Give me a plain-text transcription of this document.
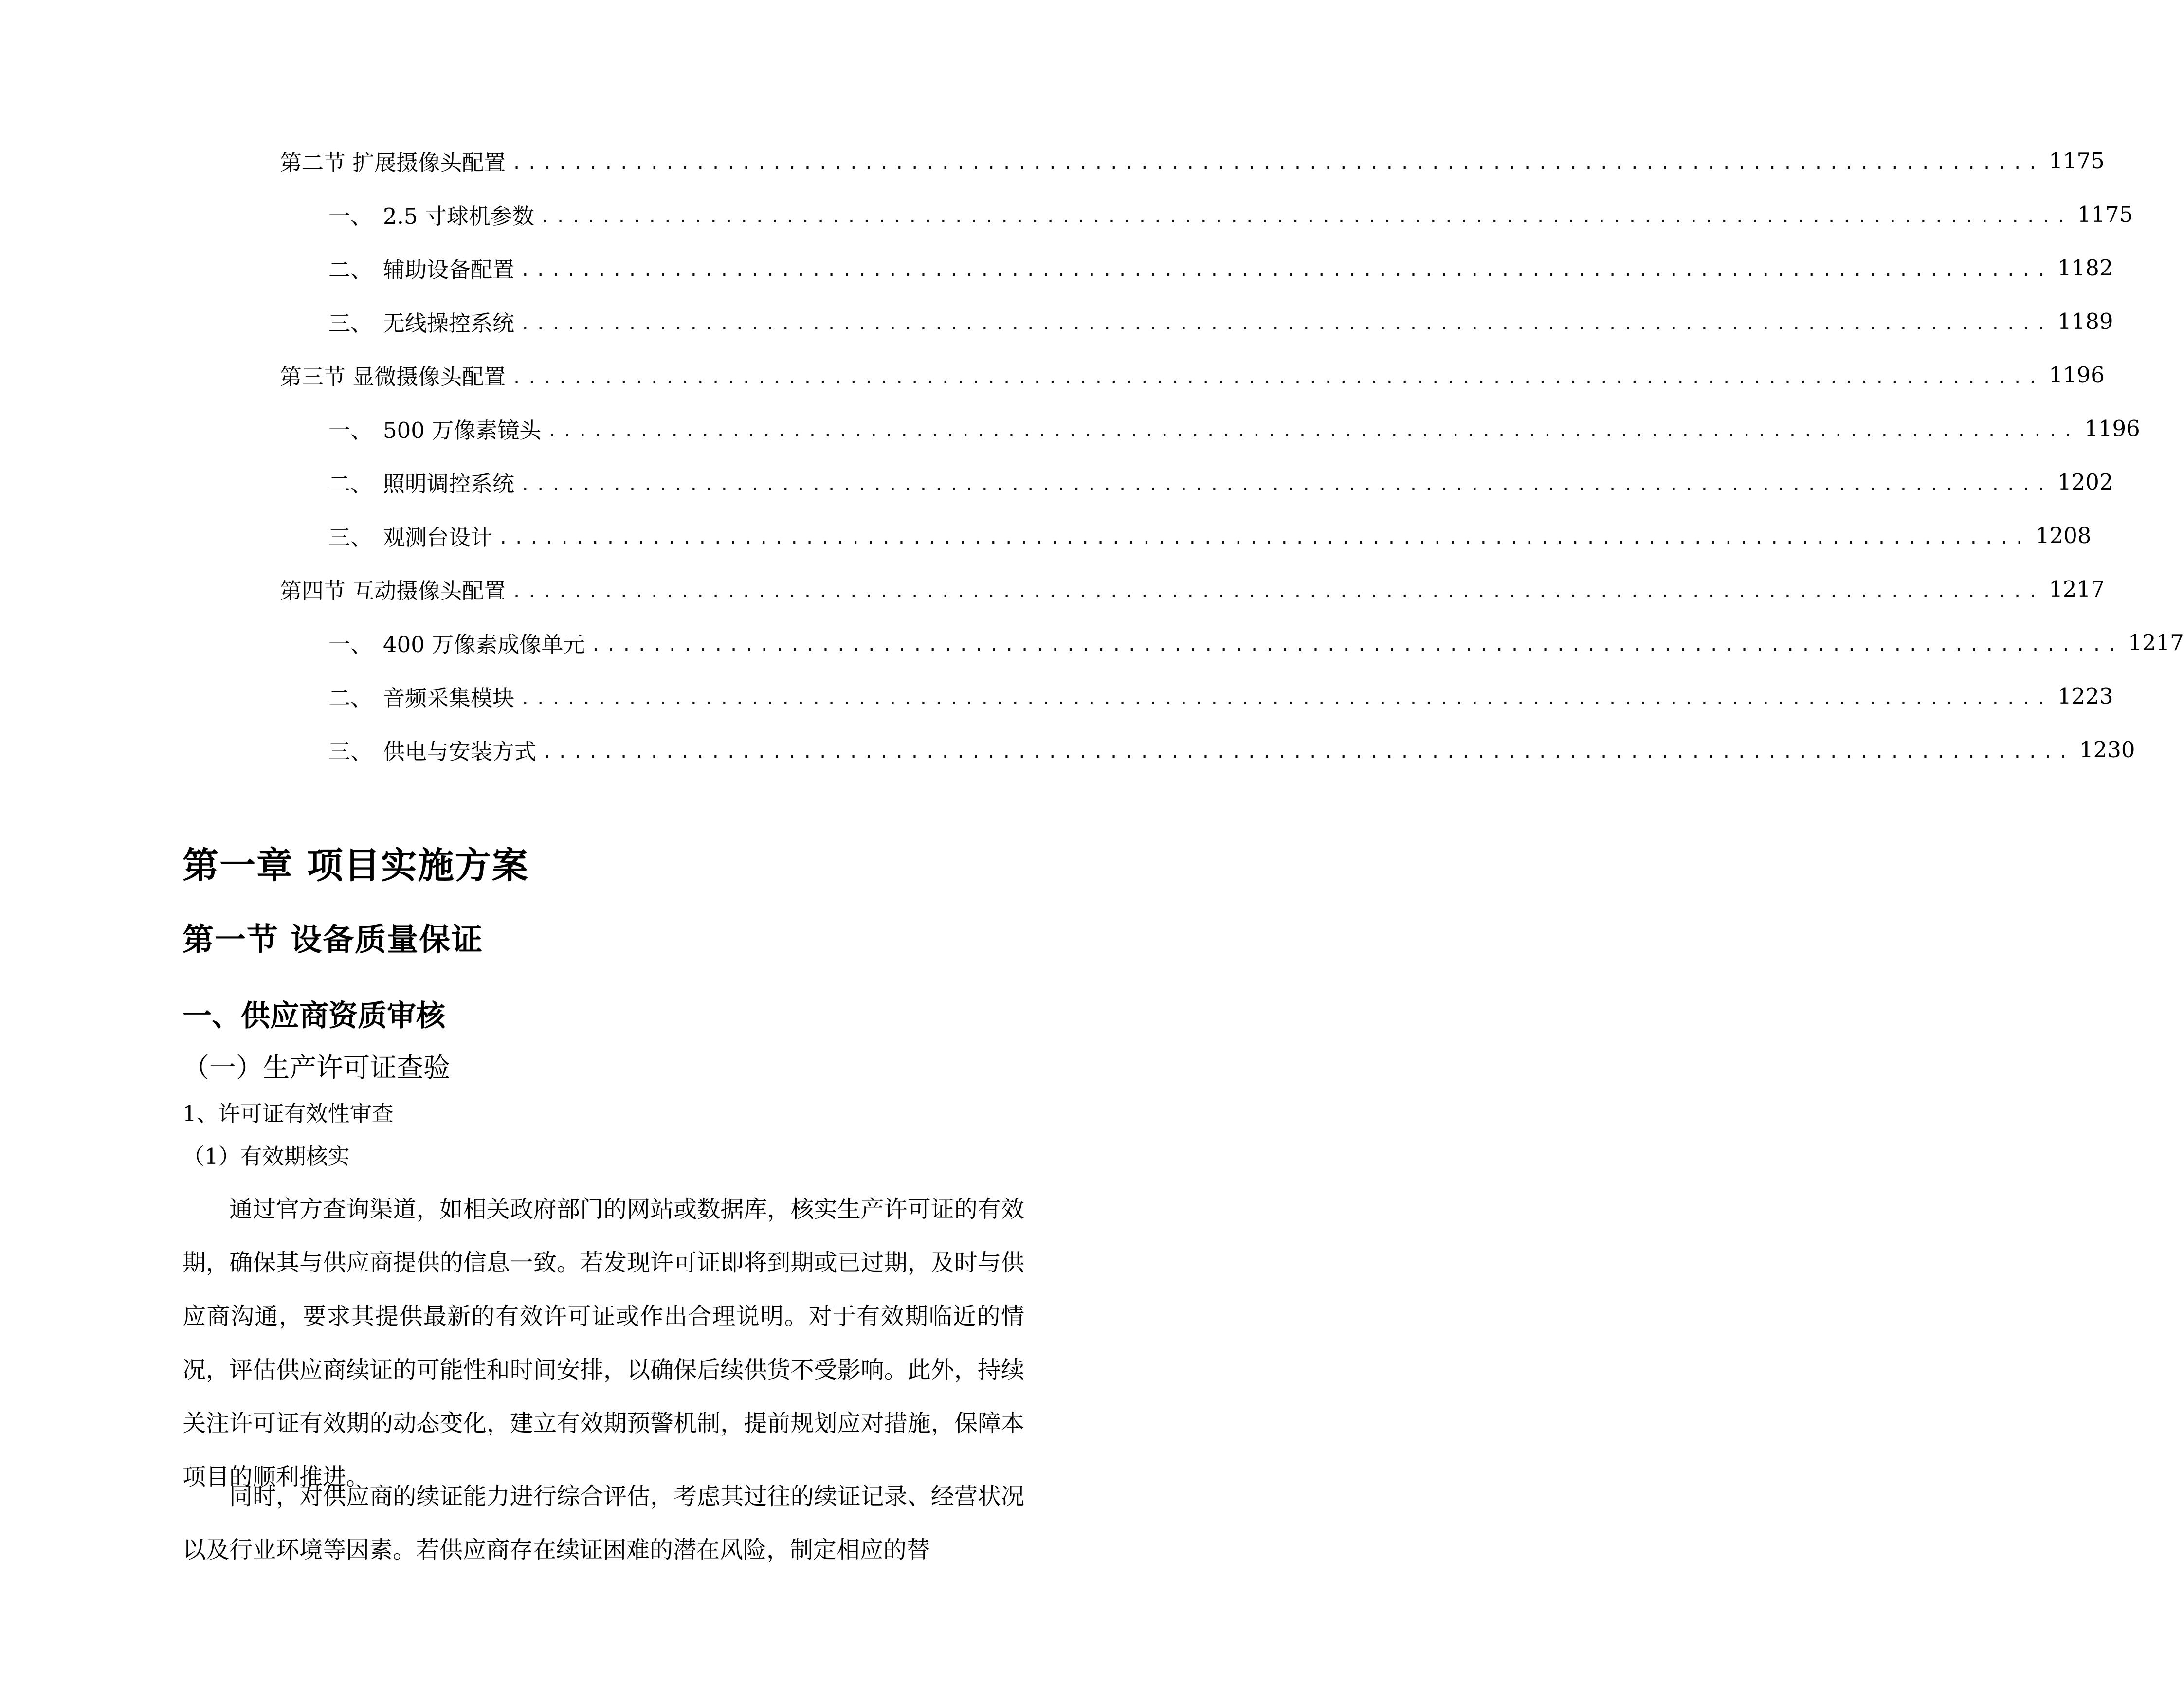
第二节 扩展摄像头配置 .................................................................................................... 1175
一、 2.5 寸球机参数 .................................................................................................... 1175
二、 辅助设备配置 .................................................................................................... 1182
三、 无线操控系统 .................................................................................................... 1189
第三节 显微摄像头配置 .................................................................................................... 1196
一、 500 万像素镜头 .................................................................................................... 1196
二、 照明调控系统 .................................................................................................... 1202
三、 观测台设计 .................................................................................................... 1208
第四节 互动摄像头配置 .................................................................................................... 1217
一、 400 万像素成像单元 .................................................................................................... 1217
二、 音频采集模块 .................................................................................................... 1223
三、 供电与安装方式 .................................................................................................... 1230
第一章 项目实施方案
第一节 设备质量保证
一、供应商资质审核
（一）生产许可证查验
1、许可证有效性审查
（1）有效期核实

通过官方查询渠道，如相关政府部门的网站或数据库，核实生产许可证的有效期，确保其与供应商提供的信息一致。若发现许可证即将到期或已过期，及时与供应商沟通，要求其提供最新的有效许可证或作出合理说明。对于有效期临近的情况，评估供应商续证的可能性和时间安排，以确保后续供货不受影响。此外，持续关注许可证有效期的动态变化，建立有效期预警机制，提前规划应对措施，保障本项目的顺利推进。

同时，对供应商的续证能力进行综合评估，考虑其过往的续证记录、经营状况以及行业环境等因素。若供应商存在续证困难的潜在风险，制定相应的替
